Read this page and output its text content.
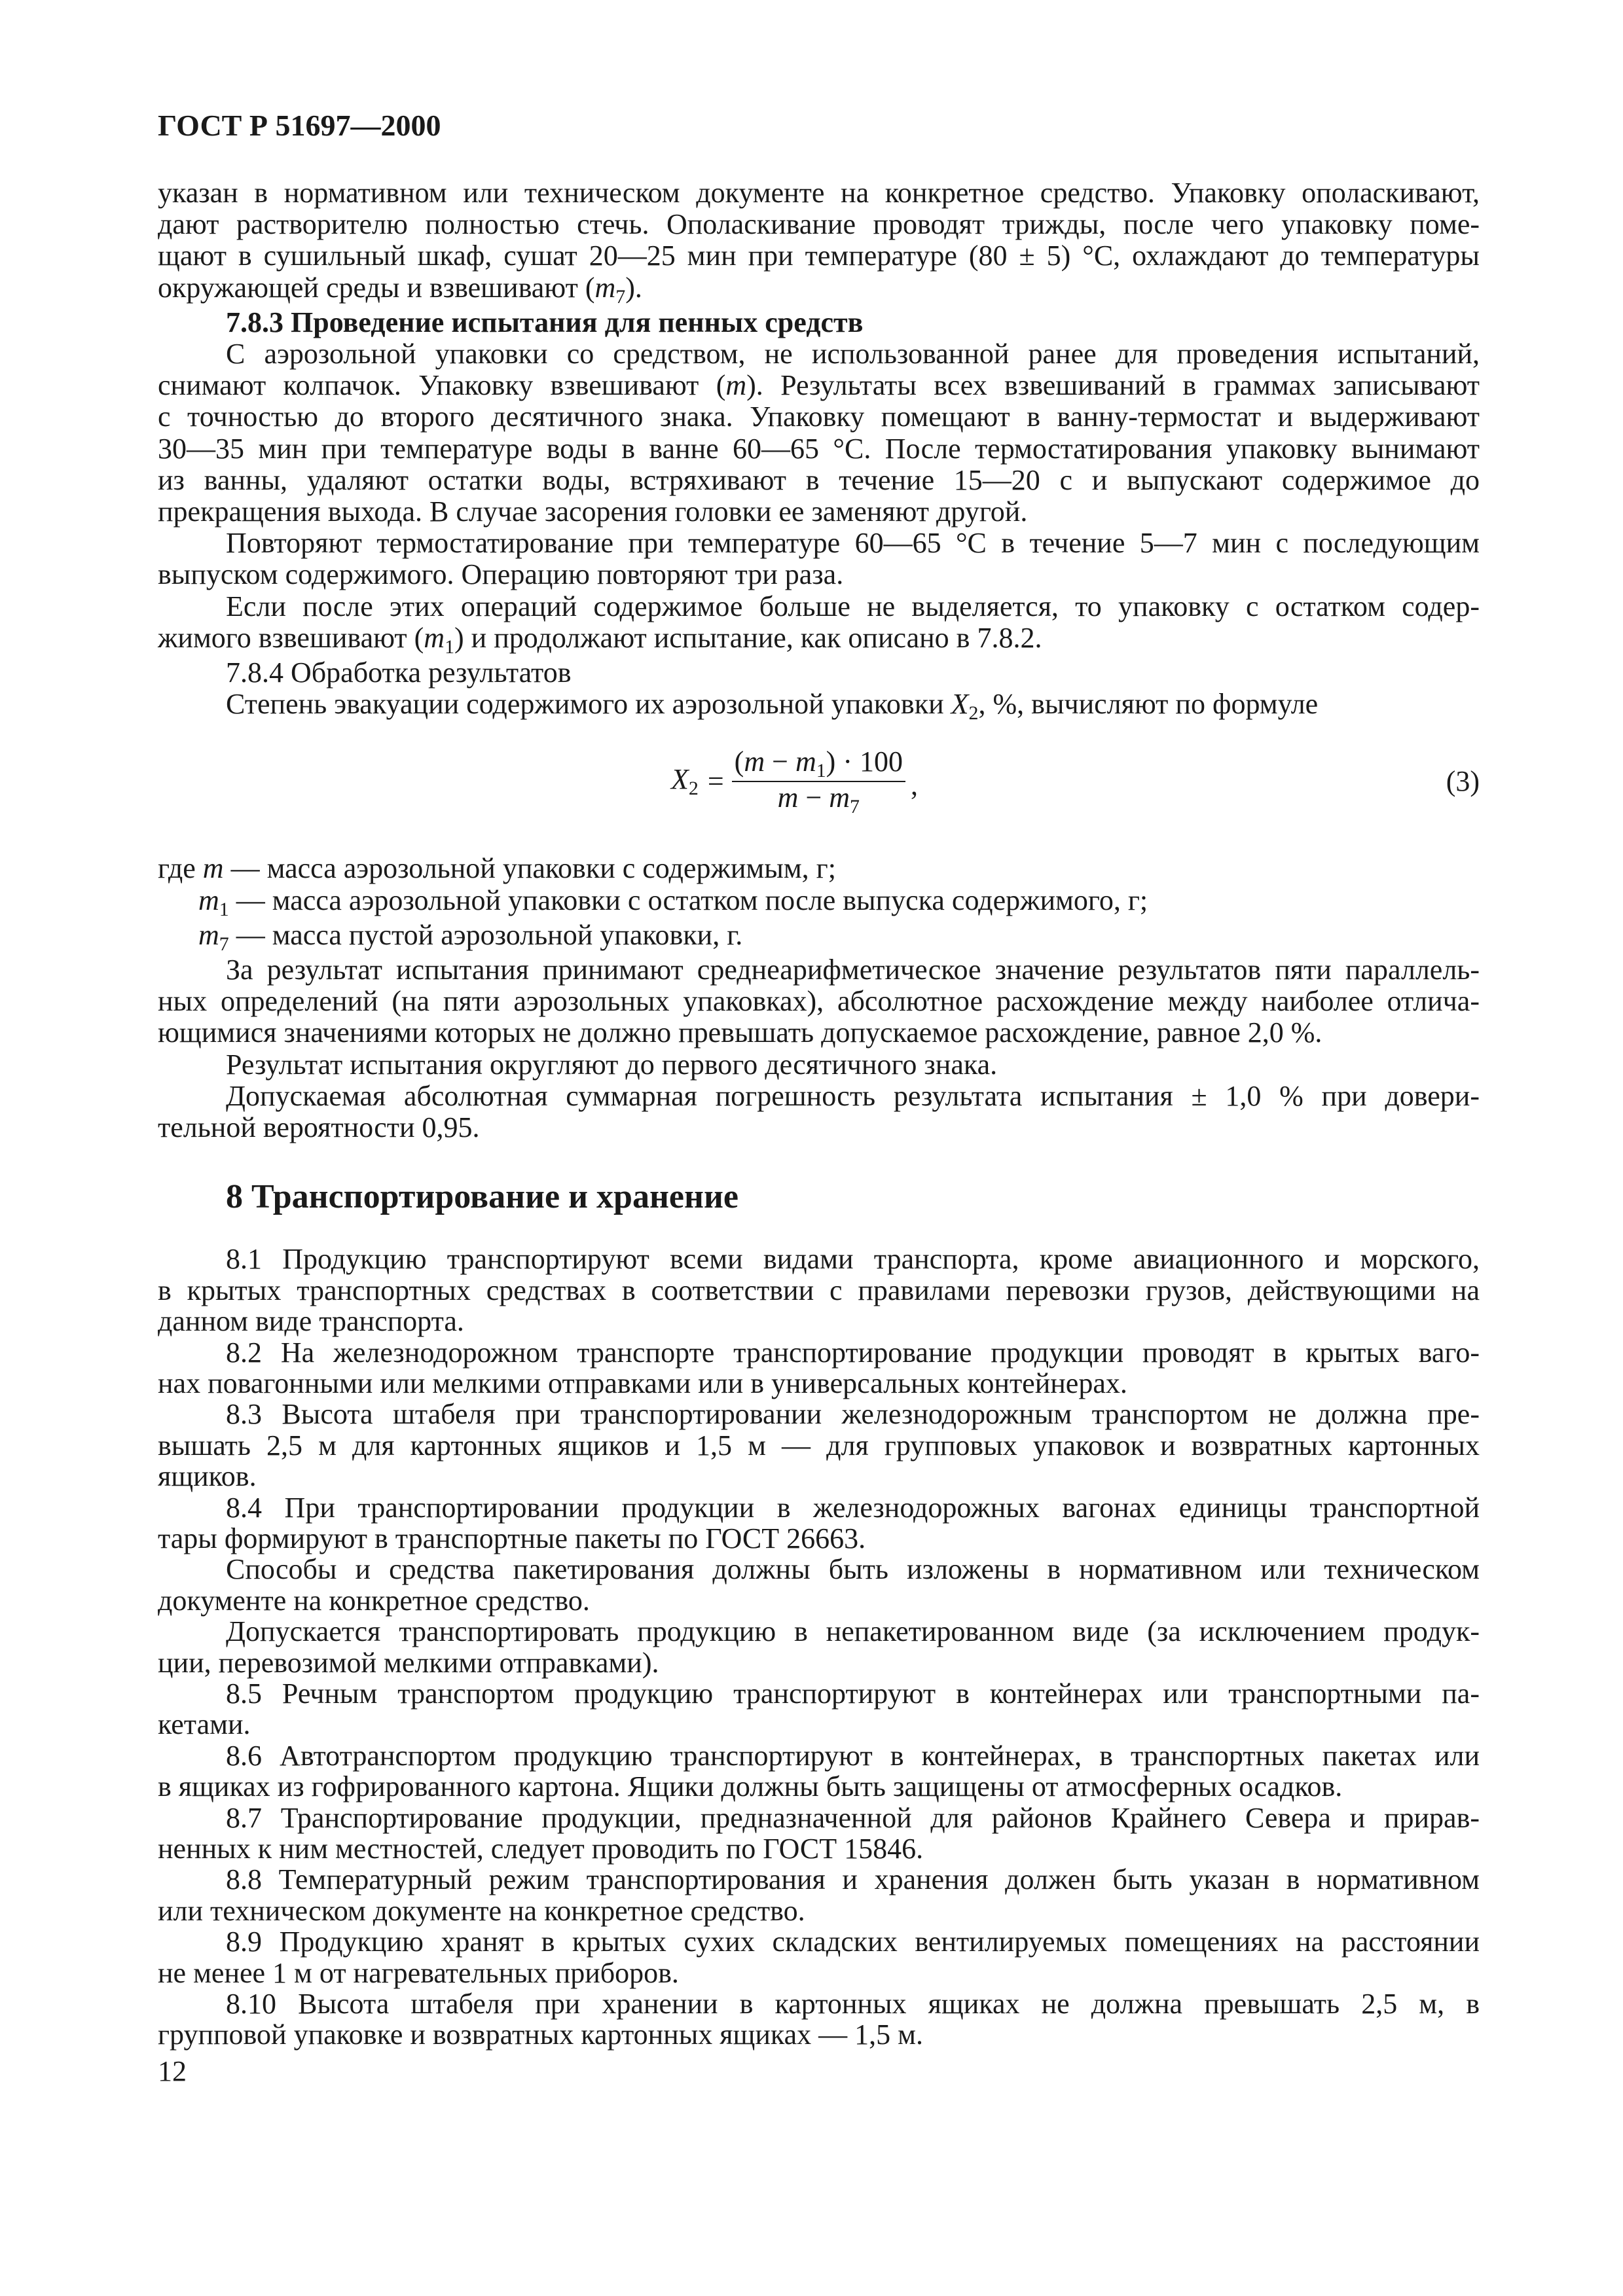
ГОСТ Р 51697—2000
указан в нормативном или техническом документе на конкретное средство. Упаковку ополаскивают,
дают растворителю полностью стечь. Ополаскивание проводят трижды, после чего упаковку поме-
щают в сушильный шкаф, сушат 20—25 мин при температуре (80 ± 5) °С, охлаждают до температуры
окружающей среды и взвешивают $(m_7)$.
7.8.3 Проведение испытания для пенных средств
С аэрозольной упаковки со средством, не использованной ранее для проведения испытаний,
снимают колпачок. Упаковку взвешивают (m). Результаты всех взвешиваний в граммах записывают
с точностью до второго десятичного знака. Упаковку помещают в ванну-термостат и выдерживают
30—35 мин при температуре воды в ванне 60—65 °С. После термостатирования упаковку вынимают
из ванны, удаляют остатки воды, встряхивают в течение 15—20 с и выпускают содержимое до
прекращения выхода. В случае засорения головки ее заменяют другой.
Повторяют термостатирование при температуре 60—65 °С в течение 5—7 мин с последующим
выпуском содержимого. Операцию повторяют три раза.
Если после этих операций содержимое больше не выделяется, то упаковку с остатком содер-
жимого взвешивают $(m_1)$ и продолжают испытание, как описано в 7.8.2.
7.8.4 Обработка результатов
Степень эвакуации содержимого их аэрозольной упаковки $X_2$, %, вычисляют по формуле
$X_2 = \frac{(m - m_1) \cdot 100}{m - m_7}$ ,	(3)
где m — масса аэрозольной упаковки с содержимым, г;
$m_1$ — масса аэрозольной упаковки с остатком после выпуска содержимого, г;
$m_7$ — масса пустой аэрозольной упаковки, г.
За результат испытания принимают среднеарифметическое значение результатов пяти параллель-
ных определений (на пяти аэрозольных упаковках), абсолютное расхождение между наиболее отлича-
ющимися значениями которых не должно превышать допускаемое расхождение, равное 2,0 %.
Результат испытания округляют до первого десятичного знака.
Допускаемая абсолютная суммарная погрешность результата испытания ± 1,0 % при довери-
тельной вероятности 0,95.
8 Транспортирование и хранение
8.1 Продукцию транспортируют всеми видами транспорта, кроме авиационного и морского,
в крытых транспортных средствах в соответствии с правилами перевозки грузов, действующими на
данном виде транспорта.
8.2 На железнодорожном транспорте транспортирование продукции проводят в крытых ваго-
нах повагонными или мелкими отправками или в универсальных контейнерах.
8.3 Высота штабеля при транспортировании железнодорожным транспортом не должна пре-
вышать 2,5 м для картонных ящиков и 1,5 м — для групповых упаковок и возвратных картонных
ящиков.
8.4 При транспортировании продукции в железнодорожных вагонах единицы транспортной
тары формируют в транспортные пакеты по ГОСТ 26663.
Способы и средства пакетирования должны быть изложены в нормативном или техническом
документе на конкретное средство.
Допускается транспортировать продукцию в непакетированном виде (за исключением продук-
ции, перевозимой мелкими отправками).
8.5 Речным транспортом продукцию транспортируют в контейнерах или транспортными па-
кетами.
8.6 Автотранспортом продукцию транспортируют в контейнерах, в транспортных пакетах или
в ящиках из гофрированного картона. Ящики должны быть защищены от атмосферных осадков.
8.7 Транспортирование продукции, предназначенной для районов Крайнего Севера и прирав-
ненных к ним местностей, следует проводить по ГОСТ 15846.
8.8 Температурный режим транспортирования и хранения должен быть указан в нормативном
или техническом документе на конкретное средство.
8.9 Продукцию хранят в крытых сухих складских вентилируемых помещениях на расстоянии
не менее 1 м от нагревательных приборов.
8.10 Высота штабеля при хранении в картонных ящиках не должна превышать 2,5 м, в
групповой упаковке и возвратных картонных ящиках — 1,5 м.
12
